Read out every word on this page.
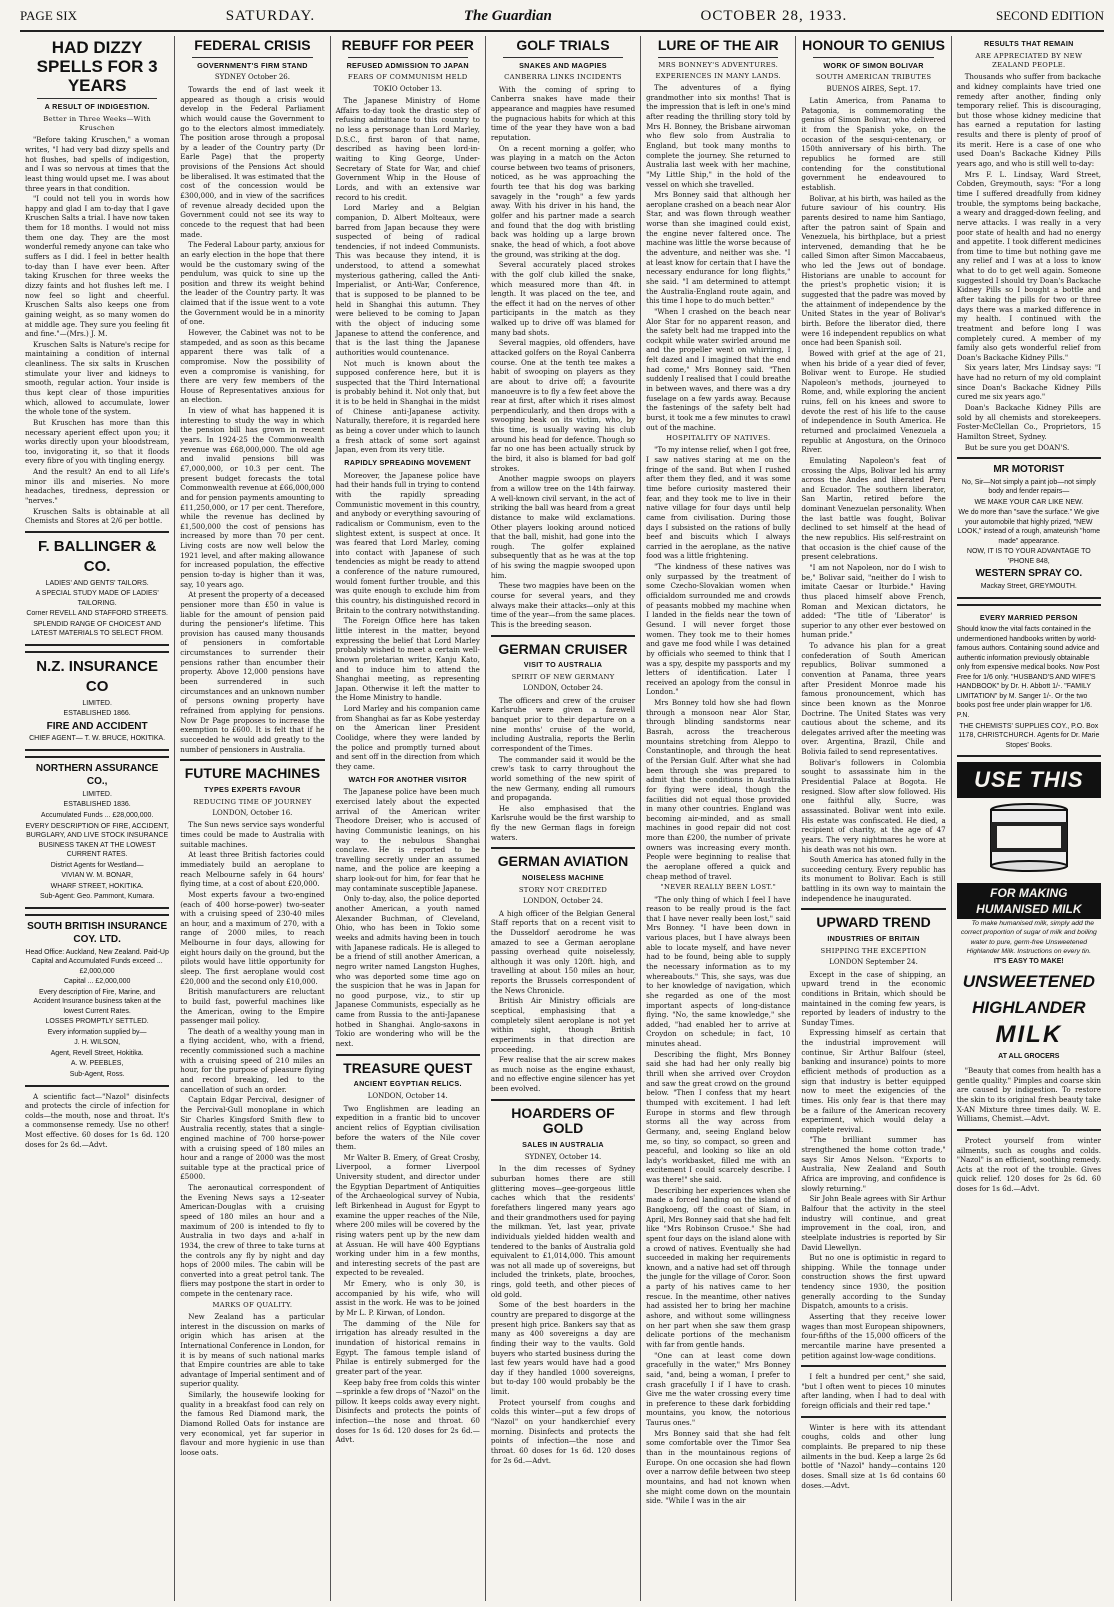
PAGE SIX	SATURDAY.	The Guardian	OCTOBER 28, 1933.	SECOND EDITION
HAD DIZZY SPELLS FOR 3 YEARS
A RESULT OF INDIGESTION.
Better in Three Weeks—With Kruschen

"Before taking Kruschen," a woman writes, "I had very bad dizzy spells and hot flushes, bad spells of indigestion, and I was so nervous at times that the least thing would upset me. I was about three years in that condition.

"I could not tell you in words how happy and glad I am to-day that I gave Kruschen Salts a trial. I have now taken them for 18 months. I would not miss them one day. They are the most wonderful remedy anyone can take who suffers as I did. I feel in better health to-day than I have ever been. After taking Kruschen for three weeks the dizzy faints and hot flushes left me. I now feel so light and cheerful. Kruschen Salts also keeps one from gaining weight, as so many women do at middle age. They sure you feeling fit and fine."—(Mrs.) J. M.

Kruschen Salts is Nature's recipe for maintaining a condition of internal cleanliness. The six salts in Kruschen stimulate your liver and kidneys to smooth, regular action. Your inside is thus kept clear of those impurities which, allowed to accumulate, lower the whole tone of the system.

But Kruschen has more than this necessary aperient effect upon you; it works directly upon your bloodstream, too, invigorating it, so that it floods every fibre of you with tingling energy.

And the result? An end to all Life's minor ills and miseries. No more headaches, tiredness, depression or "nerves."

Kruschen Salts is obtainable at all Chemists and Stores at 2/6 per bottle.

F. BALLINGER & CO.

LADIES' AND GENTS' TAILORS.

A SPECIAL STUDY MADE OF LADIES' TAILORING.

Corner REVELL AND STAFFORD STREETS.

SPLENDID RANGE OF CHOICEST AND LATEST MATERIALS TO SELECT FROM.

N.Z. INSURANCE CO

LIMITED.

ESTABLISHED 1866.

FIRE AND ACCIDENT

CHIEF AGENT— T. W. BRUCE, HOKITIKA.

NORTHERN ASSURANCE CO.,

LIMITED.

ESTABLISHED 1836.

Accumulated Funds ... £28,000,000.

EVERY DESCRIPTION OF FIRE, ACCIDENT, BURGLARY, AND LIVE STOCK INSURANCE BUSINESS TAKEN AT THE LOWEST CURRENT RATES.

District Agents for Westland—

VIVIAN W. M. BONAR,

WHARF STREET, HOKITIKA.

Sub-Agent: Geo. Pammont, Kumara.

SOUTH BRITISH INSURANCE COY. LTD.

Head Office: Auckland, New Zealand. Paid-Up Capital and Accumulated Funds exceed ... £2,000,000

Capital ... £2,000,000

Every description of Fire, Marine, and Accident Insurance business taken at the lowest Current Rates.

LOSSES PROMPTLY SETTLED.

Every information supplied by—

J. H. WILSON,

Agent, Revell Street, Hokitika.

A. W. PEEBLES,

Sub-Agent, Ross.

A scientific fact—"Nazol" disinfects and protects the circle of infection for colds—the mouth, nose and throat. It's a commonsense remedy. Use no other! Most effective. 60 doses for 1s 6d. 120 doses for 2s 6d.—Advt.

FEDERAL CRISIS
GOVERNMENT'S FIRM STAND
SYDNEY October 26.

Towards the end of last week it appeared as though a crisis would develop in the Federal Parliament which would cause the Government to go to the electors almost immediately. The position arose through a proposal by a leader of the Country party (Dr Earle Page) that the property provisions of the Pensions Act should be liberalised. It was estimated that the cost of the concession would be £300,000, and in view of the sacrifices of revenue already decided upon the Government could not see its way to concede to the request that had been made.

The Federal Labour party, anxious for an early election in the hope that there would be the customary swing of the pendulum, was quick to sine up the position and threw its weight behind the leader of the Country party. It was claimed that if the issue went to a vote the Government would be in a minority of one.

However, the Cabinet was not to be stampeded, and as soon as this became apparent there was talk of a compromise. Now the possibility of even a compromise is vanishing, for there are very few members of the House of Representatives anxious for an election.

In view of what has happened it is interesting to study the way in which the pension bill has grown in recent years. In 1924-25 the Commonwealth revenue was £68,000,000. The old age and invalid pensions bill was £7,000,000, or 10.3 per cent. The present budget forecasts the total Commonwealth revenue at £66,000,000 and for pension payments amounting to £11,250,000, or 17 per cent. Therefore, while the revenue has declined by £1,500,000 the cost of pensions has increased by more than 70 per cent. Living costs are now well below the 1921 level, and after making allowance for increased population, the effective pension to-day is higher than it was, say, 10 years ago.

At present the property of a deceased pensioner more than £50 in value is liable for the amount of pension paid during the pensioner's lifetime. This provision has caused many thousands of pensioners in comfortable circumstances to surrender their pensions rather than encumber their property. Above 12,000 pensions have been surrendered in such circumstances and an unknown number of persons owning property have refrained from applying for pensions. Now Dr Page proposes to increase the exemption to £600. It is felt that if he succeeded he would add greatly to the number of pensioners in Australia.

FUTURE MACHINES
TYPES EXPERTS FAVOUR
REDUCING TIME OF JOURNEY
LONDON, October 16.

The Sun news service says wonderful times could be made to Australia with suitable machines.

At least three British factories could immediately build an aeroplane to reach Melbourne safely in 64 hours' flying time, at a cost of about £20,000.

Most experts favour a two-engined (each of 400 horse-power) two-seater with a cruising speed of 230-40 miles an hour, and a maximum of 270, with a range of 2000 miles, to reach Melbourne in four days, allowing for eight hours daily on the ground, but the pilots would have little opportunity for sleep. The first aeroplane would cost £20,000 and the second only £10,000.

British manufacturers are reluctant to build fast, powerful machines like the American, owing to the Empire passenger mail policy.

The death of a wealthy young man in a flying accident, who, with a friend, recently commissioned such a machine with a cruising speed of 210 miles an hour, for the purpose of pleasure flying and record breaking, led to the cancellation of such an order.

Captain Edgar Percival, designer of the Percival-Gull monoplane in which Sir Charles Kingsford Smith flew to Australia recently, states that a single-engined machine of 700 horse-power with a cruising speed of 180 miles an hour and a range of 2000 was the most suitable type at the practical price of £5000.

The aeronautical correspondent of the Evening News says a 12-seater American-Douglas with a cruising speed of 180 miles an hour and a maximum of 200 is intended to fly to Australia in two days and a-half in 1934, the crew of three to take turns at the controls any fly by night and day hops of 2000 miles. The cabin will be converted into a great petrol tank. The fliers may postpone the start in order to compete in the centenary race.

MARKS OF QUALITY.

New Zealand has a particular interest in the discussion on marks of origin which has arisen at the International Conference in London, for it is by means of such national marks that Empire countries are able to take advantage of Imperial sentiment and of superior quality.

Similarly, the housewife looking for quality in a breakfast food can rely on the famous Red Diamond mark, the Diamond Rolled Oats for instance are very economical, yet far superior in flavour and more hygienic in use than loose oats.

REBUFF FOR PEER
REFUSED ADMISSION TO JAPAN
FEARS OF COMMUNISM HELD
TOKIO October 13.

The Japanese Ministry of Home Affairs to-day took the drastic step of refusing admittance to this country to no less a personage than Lord Marley, D.S.C., first baron of that name, described as having been lord-in-waiting to King George, Under-Secretary of State for War, and chief Government Whip in the House of Lords, and with an extensive war record to his credit.

Lord Marley and a Belgian companion, D. Albert Molteaux, were barred from Japan because they were suspected of being of radical tendencies, if not indeed Communists. This was because they intend, it is understood, to attend a somewhat mysterious gathering, called the Anti-Imperialist, or Anti-War, Conference, that is supposed to be planned to be held in Shanghai this autumn. They were believed to be coming to Japan with the object of inducing some Japanese to attend the conference, and that is the last thing the Japanese authorities would countenance.

Not much is known about the supposed conference here, but it is suspected that the Third International is probably behind it. Not only that, but it is to be held in Shanghai in the midst of Chinese anti-Japanese activity. Naturally, therefore, it is regarded here as being a cover under which to launch a fresh attack of some sort against Japan, even from its very title.

RAPIDLY SPREADING MOVEMENT

Moreover, the Japanese police have had their hands full in trying to contend with the rapidly spreading Communistic movement in this country, and anybody or everything savouring of radicalism or Communism, even to the slightest extent, is suspect at once. It was feared that Lord Marley, coming into contact with Japanese of such tendencies as might be ready to attend a conference of the nature rumoured, would foment further trouble, and this was quite enough to exclude him from this country, his distinguished record in Britain to the contrary notwithstanding.

The Foreign Office here has taken little interest in the matter, beyond expressing the belief that Lord Marley probably wished to meet a certain well-known proletarian writer, Kanju Kato, and to induce him to attend the Shanghai meeting, as representing Japan. Otherwise it left the matter to the Home Ministry to handle.

Lord Marley and his companion came from Shanghai as far as Kobe yesterday on the American liner President Coolidge, where they were landed by the police and promptly turned about and sent off in the direction from which they came.

WATCH FOR ANOTHER VISITOR

The Japanese police have been much exercised lately about the expected arrival of the American writer Theodore Dreiser, who is accused of having Communistic leanings, on his way to the nebulous Shanghai conclave. He is reported to be travelling secretly under an assumed name, and the police are keeping a sharp look-out for him, for fear that he may contaminate susceptible Japanese.

Only to-day, also, the police deported another American, a youth named Alexander Buchman, of Cleveland, Ohio, who has been in Tokio some weeks and admits having been in touch with Japanese radicals. He is alleged to be a friend of still another American, a negro writer named Langston Hughes, who was deported some time ago on the suspicion that he was in Japan for no good purpose, viz., to stir up Japanese Communists, especially as he came from Russia to the anti-Japanese hotbed in Shanghai. Anglo-saxons in Tokio are wondering who will be the next.

TREASURE QUEST
ANCIENT EGYPTIAN RELICS.
LONDON, October 14.

Two Englishmen are leading an expedition in a frantic bid to uncover ancient relics of Egyptian civilisation before the waters of the Nile cover them.

Mr Walter B. Emery, of Great Crosby, Liverpool, a former Liverpool University student, and director under the Egyptian Department of Antiquities of the Archaeological survey of Nubia, left Birkenhead in August for Egypt to examine the upper reaches of the Nile, where 200 miles will be covered by the rising waters pent up by the new dam at Assuan. He will have 400 Egyptians working under him in a few months, and interesting secrets of the past are expected to be revealed.

Mr Emery, who is only 30, is accompanied by his wife, who will assist in the work. He was to be joined by Mr L. P. Kirwan, of London.

The damming of the Nile for irrigation has already resulted in the inundation of historical remains in Egypt. The famous temple island of Philae is entirely submerged for the greater part of the year.

Keep baby free from colds this winter—sprinkle a few drops of "Nazol" on the pillow. It keeps colds away every night. Disinfects and protects the points of infection—the nose and throat. 60 doses for 1s 6d. 120 doses for 2s 6d.—Advt.

GOLF TRIALS
SNAKES AND MAGPIES
CANBERRA LINKS INCIDENTS

With the coming of spring to Canberra snakes have made their appearance and magpies have resumed the pugnacious habits for which at this time of the year they have won a bad reputation.

On a recent morning a golfer, who was playing in a match on the Acton course between two teams of prisoners, noticed, as he was approaching the fourth tee that his dog was barking savagely in the "rough" a few yards away. With his driver in his hand, the golfer and his partner made a search and found that the dog with bristling back was holding up a large brown snake, the head of which, a foot above the ground, was striking at the dog.

Several accurately placed strokes with the golf club killed the snake, which measured more than 4ft. in length. It was placed on the tee, and the effect it had on the nerves of other participants in the match as they walked up to drive off was blamed for many bad shots.

Several magpies, old offenders, have attacked golfers on the Royal Canberra course. One at the tenth tee makes a habit of swooping on players as they are about to drive off; a favourite manoeuvre is to fly a few feet above the rear at first, after which it rises almost perpendicularly, and then drops with a swooping beak on its victim, who, by this time, is usually waving his club around his head for defence. Though so far no one has been actually struck by the bird, it also is blamed for bad golf strokes.

Another magpie swoops on players from a willow tree on the 14th fairway. A well-known civil servant, in the act of striking the ball was heard from a great distance to make wild exclamations. Other players looking around noticed that the ball, mishit, had gone into the rough. The golfer explained subsequently that as he was at the top of his swing the magpie swooped upon him.

These two magpies have been on the course for several years, and they always make their attacks—only at this time of the year—from the same places. This is the breeding season.

GERMAN CRUISER
VISIT TO AUSTRALIA
SPIRIT OF NEW GERMANY
LONDON, October 24.

The officers and crew of the cruiser Karlsruhe were given a farewell banquet prior to their departure on a nine months' cruise of the world, including Australia, reports the Berlin correspondent of the Times.

The commander said it would be the crew's task to carry throughout the world something of the new spirit of the new Germany, ending all rumours and propaganda.

He also emphasised that the Karlsruhe would be the first warship to fly the new German flags in foreign waters.

GERMAN AVIATION
NOISELESS MACHINE
STORY NOT CREDITED
LONDON, October 24.

A high officer of the Belgian General Staff reports that on a recent visit to the Dusseldorf aerodrome he was amazed to see a German aeroplane passing overhead quite noiselessly, although it was only 120ft. high, and travelling at about 150 miles an hour, reports the Brussels correspondent of the News Chronicle.

British Air Ministry officials are sceptical, emphasising that a completely silent aeroplane is not yet within sight, though British experiments in that direction are proceeding.

Few realise that the air screw makes as much noise as the engine exhaust, and no effective engine silencer has yet been evolved.

HOARDERS OF GOLD
SALES IN AUSTRALIA
SYDNEY, October 14.

In the dim recesses of Sydney suburban homes there are still glittering moves—gee-gorgeous little caches which that the residents' forefathers lingered many years ago and their grandmothers used for paying the milkman. Yet, last year, private individuals yielded hidden wealth and tendered to the banks of Australia gold equivalent to £1,014,000. This amount was not all made up of sovereigns, but included the trinkets, plate, brooches, rings, gold teeth, and other pieces of old gold.

Some of the best hoarders in the country are prepared to disgorge at the present high price. Bankers say that as many as 400 sovereigns a day are finding their way to the vaults. Gold buyers who started business during the last few years would have had a good day if they handled 1000 sovereigns, but to-day 100 would probably be the limit.

Protect yourself from coughs and colds this winter—put a few drops of "Nazol" on your handkerchief every morning. Disinfects and protects the points of infection—the nose and throat. 60 doses for 1s 6d. 120 doses for 2s 6d.—Advt.

LURE OF THE AIR
MRS BONNEY'S ADVENTURES.
EXPERIENCES IN MANY LANDS.

The adventures of a flying grandmother into six months! That is the impression that is left in one's mind after reading the thrilling story told by Mrs H. Bonney, the Brisbane airwoman who flew solo from Australia to England, but took many months to complete the journey. She returned to Australia last week with her machine, "My Little Ship," in the hold of the vessel on which she travelled.

Mrs Bonney said that although her aeroplane crashed on a beach near Alor Star, and was flown through weather worse than she imagined could exist, the engine never faltered once. The machine was little the worse because of the adventure, and neither was she. "I at least know for certain that I have the necessary endurance for long flights," she said. "I am determined to attempt the Australia-England route again, and this time I hope to do much better."

"When I crashed on the beach near Alor Star for no apparent reason, and the safety belt had me trapped into the cockpit while water swirled around me and the propeller went on whirring, I felt dazed and I imagined that the end had come," Mrs Bonney said. "Then suddenly I realised that I could breathe in between waves, and there was a dry fuselage on a few yards away. Because the fastenings of the safety belt had burst, it took me a few minutes to crawl out of the machine.

HOSPITALITY OF NATIVES.

"To my intense relief, when I got free, I saw natives staring at me on the fringe of the sand. But when I rushed after them they fled, and it was some time before curiosity mastered their fear, and they took me to live in their native village for four days until help came from civilisation. During those days I subsisted on the rations of bully beef and biscuits which I always carried in the aeroplane, as the native food was a little frightening.

"The kindness of these natives was only surpassed by the treatment of some Czecho-Slovakian women when officialdom surrounded me and crowds of peasants mobbed my machine when I landed in the fields near the town of Gesund. I will never forget those women. They took me to their homes and gave me food while I was detained by officials who seemed to think that I was a spy, despite my passports and my letters of identification. Later I received an apology from the consul in London."

Mrs Bonney told how she had flown through a monsoon near Alor Star, through blinding sandstorms near Basrah, across the treacherous mountains stretching from Aleppo to Constantinople, and through the heat of the Persian Gulf. After what she had been through she was prepared to admit that the conditions in Australia for flying were ideal, though the facilities did not equal those provided in many other countries. England was becoming air-minded, and as small machines in good repair did not cost more than £200, the number of private owners was increasing every month. People were beginning to realise that the aeroplane offered a quick and cheap method of travel.

"NEVER REALLY BEEN LOST."

"The only thing of which I feel I have reason to be really proud is the fact that I have never really been lost," said Mrs Bonney. "I have been down in various places, but I have always been able to locate myself, and have never had to be found, being able to supply the necessary information as to my whereabouts." This, she says, was due to her knowledge of navigation, which she regarded as one of the most important aspects of long-distance flying. "No, the same knowledge," she added, "had enabled her to arrive at Croydon on schedule; in fact, 10 minutes ahead.

Describing the flight, Mrs Bonney said she had had her only really big thrill when she arrived over Croydon and saw the great crowd on the ground below. "Then I confess that my heart thumped with excitement. I had left Europe in storms and flew through storms all the way across from Germany, and, seeing England below me, so tiny, so compact, so green and peaceful, and looking so like an old lady's workbasket, filled me with an excitement I could scarcely describe. I was there!" she said.

Describing her experiences when she made a forced landing on the island of Bangkoeng, off the coast of Siam, in April, Mrs Bonney said that she had felt like "Mrs Robinson Crusoe." She had spent four days on the island alone with a crowd of natives. Eventually she had succeeded in making her requirements known, and a native had set off through the jungle for the village of Coror. Soon a party of his natives came to her rescue. In the meantime, other natives had assisted her to bring her machine ashore, and without some willingness on her part when she saw them grasp delicate portions of the mechanism with far from gentle hands.

"One can at least come down gracefully in the water," Mrs Bonney said, "and, being a woman, I prefer to crash gracefully I if I have to crash. Give me the water crossing every time in preference to these dark forbidding mountains, you know, the notorious Taurus ones."

Mrs Bonney said that she had felt some comfortable over the Timor Sea than in the mountainous regions of Europe. On one occasion she had flown over a narrow defile between two steep mountains, and had not known when she might come down on the mountain side. "While I was in the air

HONOUR TO GENIUS
WORK OF SIMON BOLIVAR
SOUTH AMERICAN TRIBUTES
BUENOS AIRES, Sept. 17.

Latin America, from Panama to Patagonia, is commemorating the genius of Simon Bolivar, who delivered it from the Spanish yoke, on the occasion of the sesqui-centenary, or 150th anniversary of his birth. The republics he formed are still contending for the constitutional government he endeavoured to establish.

Bolivar, at his birth, was hailed as the future saviour of his country. His parents desired to name him Santiago, after the patron saint of Spain and Venezuela, his birthplace, but a priest intervened, demanding that he be called Simon after Simon Maccabaeus, who led the Jews out of bondage. Historians are unable to account for the priest's prophetic vision; it is suggested that the padre was moved by the attainment of independence by the United States in the year of Bolivar's birth. Before the liberator died, there were 16 independent republics on what once had been Spanish soil.

Bowed with grief at the age of 21, when his bride of a year died of fever, Bolivar went to Europe. He studied Napoleon's methods, journeyed to Rome, and, while exploring the ancient ruins, fell on his knees and swore to devote the rest of his life to the cause of independence in South America. He returned and proclaimed Venezuela a republic at Angostura, on the Orinoco River.

Emulating Napoleon's feat of crossing the Alps, Bolivar led his army across the Andes and liberated Peru and Ecuador. The southern liberator, San Martin, retired before the dominant Venezuelan personality. When the last battle was fought, Bolivar declined to set himself at the head of the new republics. His self-restraint on that occasion is the chief cause of the present celebrations.

"I am not Napoleon, nor do I wish to be," Bolivar said, "neither do I wish to imitate Caesar or Iturbide." Having thus placed himself above French, Roman and Mexican dictators, he added: "The title of 'Liberator' is superior to any other ever bestowed on human pride."

To advance his plan for a great confederation of South American republics, Bolivar summoned a convention at Panama, three years after President Monroe made his famous pronouncement, which has since been known as the Monroe Doctrine. The United States was very cautious about the scheme, and its delegates arrived after the meeting was over. Argentina, Brazil, Chile and Bolivia failed to send representatives.

Bolivar's followers in Colombia sought to assassinate him in the Presidential Palace at Bogota. He resigned. Slow after slow followed. His one faithful ally, Sucre, was assassinated. Bolivar went into exile. His estate was confiscated. He died, a recipient of charity, at the age of 47 years. The very nightmares he wore at his death was not his own.

South America has atoned fully in the succeeding century. Every republic has its monument to Bolivar. Each is still battling in its own way to maintain the independence he inaugurated.

UPWARD TREND
INDUSTRIES OF BRITAIN
SHIPPING THE EXCEPTION
LONDON September 24.

Except in the case of shipping, an upward trend in the economic conditions in Britain, which should be maintained in the coming few years, is reported by leaders of industry to the Sunday Times.

Expressing himself as certain that the industrial improvement will continue, Sir Arthur Balfour (steel, banking and insurance) points to more efficient methods of production as a sign that industry is better equipped now to meet the exigencies of the times. His only fear is that there may be a failure of the American recovery experiment, which would delay a complete revival.

"The brilliant summer has strengthened the home cotton trade," says Sir Amos Nelson. "Exports to Australia, New Zealand and South Africa are improving, and confidence is slowly returning."

Sir John Beale agrees with Sir Arthur Balfour that the activity in the steel industry will continue, and great improvement in the coal, iron, and steelplate industries is reported by Sir David Llewellyn.

But no one is optimistic in regard to shipping. While the tonnage under construction shows the first upward tendency since 1930, the position generally according to the Sunday Dispatch, amounts to a crisis.

Asserting that they receive lower wages than most European shipowners, four-fifths of the 15,000 officers of the mercantile marine have presented a petition against low-wage conditions.

I felt a hundred per cent," she said, "but I often went to pieces 10 minutes after landing, when I had to deal with foreign officials and their red tape."

Winter is here with its attendant coughs, colds and other lung complaints. Be prepared to nip these ailments in the bud. Keep a large 2s 6d bottle of "Nazol" handy—contains 120 doses. Small size at 1s 6d contains 60 doses.—Advt.

RESULTS THAT REMAIN
ARE APPRECIATED BY NEW ZEALAND PEOPLE.

Thousands who suffer from backache and kidney complaints have tried one remedy after another, finding only temporary relief. This is discouraging, but those whose kidney medicine that has earned a reputation for lasting results and there is plenty of proof of its merit. Here is a case of one who used Doan's Backache Kidney Pills years ago, and who is still well to-day:

Mrs F. L. Lindsay, Ward Street, Cobden, Greymouth, says: "For a long time I suffered dreadfully from kidney trouble, the symptoms being backache, a weary and dragged-down feeling, and nerve attacks. I was really in a very poor state of health and had no energy and appetite. I took different medicines from time to time but nothing gave me any relief and I was at a loss to know what to do to get well again. Someone suggested I should try Doan's Backache Kidney Pills so I bought a bottle and after taking the pills for two or three days there was a marked difference in my health. I continued with the treatment and before long I was completely cured. A member of my family also gets wonderful relief from Doan's Backache Kidney Pills."

Six years later, Mrs Lindsay says: "I have had no return of my old complaint since Doan's Backache Kidney Pills cured me six years ago."

Doan's Backache Kidney Pills are sold by all chemists and storekeepers. Foster-McClellan Co., Proprietors, 15 Hamilton Street, Sydney.

But be sure you get DOAN'S.

MR MOTORIST

No, Sir—Not simply a paint job—not simply body and fender repairs—

WE MAKE YOUR CAR LIKE NEW.

We do more than "save the surface." We give your automobile that highly prized, "NEW LOOK," instead of a rough, amateurish "home made" appearance.

NOW, IT IS TO YOUR ADVANTAGE TO 'PHONE 848,

WESTERN SPRAY CO.

Mackay Street, GREYMOUTH.

EVERY MARRIED PERSON

Should know the vital facts contained in the undermentioned handbooks written by world-famous authors. Containing sound advice and authentic information previously obtainable only from expensive medical books. Now Post Free for 1/6 only. "HUSBAND'S AND WIFE'S HANDBOOK" by Dr. H. Abbott 1/-. "FAMILY LIMITATION" by M. Sanger 1/-. Or the two books post free under plain wrapper for 1/6. P.N.

THE CHEMISTS' SUPPLIES COY., P.O. Box 1178, CHRISTCHURCH. Agents for Dr. Marie Stopes' Books.

USE THIS
FOR MAKING HUMANISED MILK

To make humanised milk, simply add the correct proportion of sugar of milk and boiling water to pure, germ-free Unsweetened Highlander Milk. Instructions on every tin.

IT'S EASY TO MAKE!
UNSWEETENED
HIGHLANDER
MILK
AT ALL GROCERS

"Beauty that comes from health has a gentle quality." Pimples and coarse skin are caused by indigestion. To restore the skin to its original fresh beauty take X-AN Mixture three times daily. W. E. Williams, Chemist.—Advt.

Protect yourself from winter ailments, such as coughs and colds. "Nazol" is an efficient, soothing remedy. Acts at the root of the trouble. Gives quick relief. 120 doses for 2s 6d. 60 doses for 1s 6d.—Advt.
